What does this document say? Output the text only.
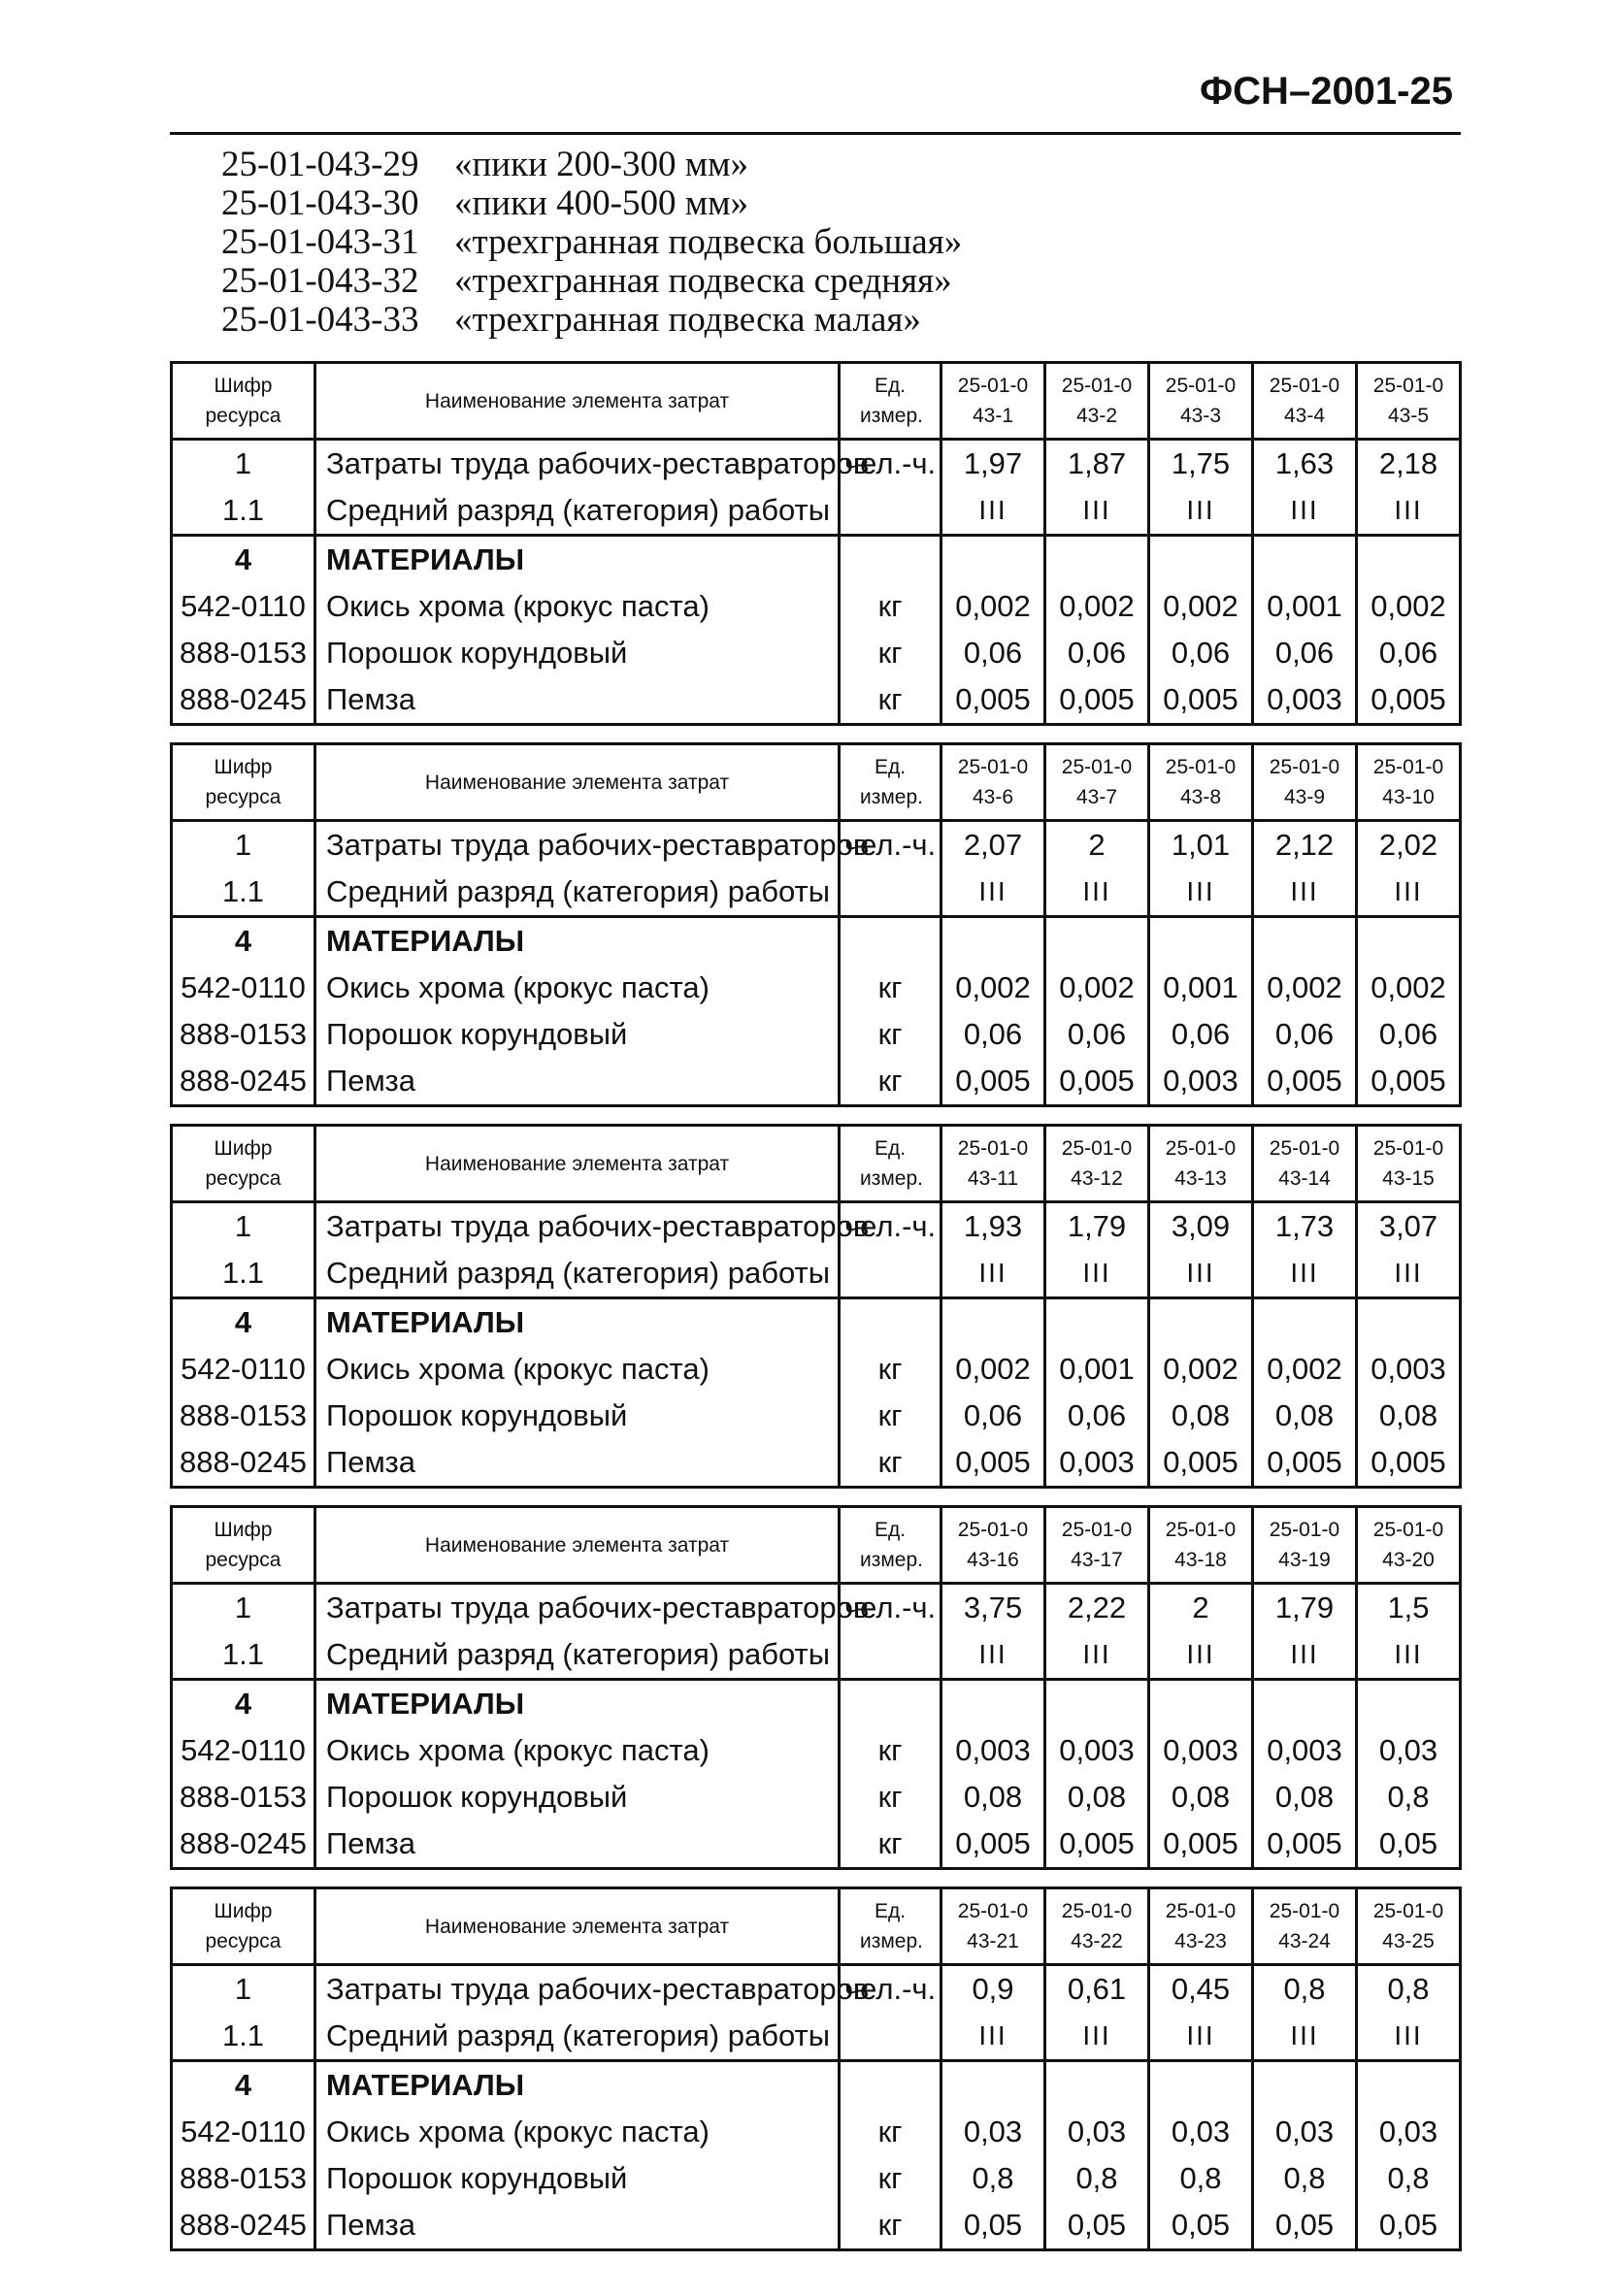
ФСН–2001-25
25-01-043-29 «пики 200-300 мм»
25-01-043-30 «пики 400-500 мм»
25-01-043-31 «трехгранная подвеска большая»
25-01-043-32 «трехгранная подвеска средняя»
25-01-043-33 «трехгранная подвеска малая»
Шифр ресурса	Наименование элемента затрат	Ед. измер.	25-01-043-1	25-01-043-2	25-01-043-3	25-01-043-4	25-01-043-5
1	Затраты труда рабочих-реставраторов	чел.-ч.	1,97	1,87	1,75	1,63	2,18
1.1	Средний разряд (категория) работы		III	III	III	III	III
4	МАТЕРИАЛЫ						
542-0110	Окись хрома (крокус паста)	кг	0,002	0,002	0,002	0,001	0,002
888-0153	Порошок корундовый	кг	0,06	0,06	0,06	0,06	0,06
888-0245	Пемза	кг	0,005	0,005	0,005	0,003	0,005
Шифр ресурса	Наименование элемента затрат	Ед. измер.	25-01-043-6	25-01-043-7	25-01-043-8	25-01-043-9	25-01-043-10
1	Затраты труда рабочих-реставраторов	чел.-ч.	2,07	2	1,01	2,12	2,02
1.1	Средний разряд (категория) работы		III	III	III	III	III
4	МАТЕРИАЛЫ						
542-0110	Окись хрома (крокус паста)	кг	0,002	0,002	0,001	0,002	0,002
888-0153	Порошок корундовый	кг	0,06	0,06	0,06	0,06	0,06
888-0245	Пемза	кг	0,005	0,005	0,003	0,005	0,005
Шифр ресурса	Наименование элемента затрат	Ед. измер.	25-01-043-11	25-01-043-12	25-01-043-13	25-01-043-14	25-01-043-15
1	Затраты труда рабочих-реставраторов	чел.-ч.	1,93	1,79	3,09	1,73	3,07
1.1	Средний разряд (категория) работы		III	III	III	III	III
4	МАТЕРИАЛЫ						
542-0110	Окись хрома (крокус паста)	кг	0,002	0,001	0,002	0,002	0,003
888-0153	Порошок корундовый	кг	0,06	0,06	0,08	0,08	0,08
888-0245	Пемза	кг	0,005	0,003	0,005	0,005	0,005
Шифр ресурса	Наименование элемента затрат	Ед. измер.	25-01-043-16	25-01-043-17	25-01-043-18	25-01-043-19	25-01-043-20
1	Затраты труда рабочих-реставраторов	чел.-ч.	3,75	2,22	2	1,79	1,5
1.1	Средний разряд (категория) работы		III	III	III	III	III
4	МАТЕРИАЛЫ						
542-0110	Окись хрома (крокус паста)	кг	0,003	0,003	0,003	0,003	0,03
888-0153	Порошок корундовый	кг	0,08	0,08	0,08	0,08	0,8
888-0245	Пемза	кг	0,005	0,005	0,005	0,005	0,05
Шифр ресурса	Наименование элемента затрат	Ед. измер.	25-01-043-21	25-01-043-22	25-01-043-23	25-01-043-24	25-01-043-25
1	Затраты труда рабочих-реставраторов	чел.-ч.	0,9	0,61	0,45	0,8	0,8
1.1	Средний разряд (категория) работы		III	III	III	III	III
4	МАТЕРИАЛЫ						
542-0110	Окись хрома (крокус паста)	кг	0,03	0,03	0,03	0,03	0,03
888-0153	Порошок корундовый	кг	0,8	0,8	0,8	0,8	0,8
888-0245	Пемза	кг	0,05	0,05	0,05	0,05	0,05
